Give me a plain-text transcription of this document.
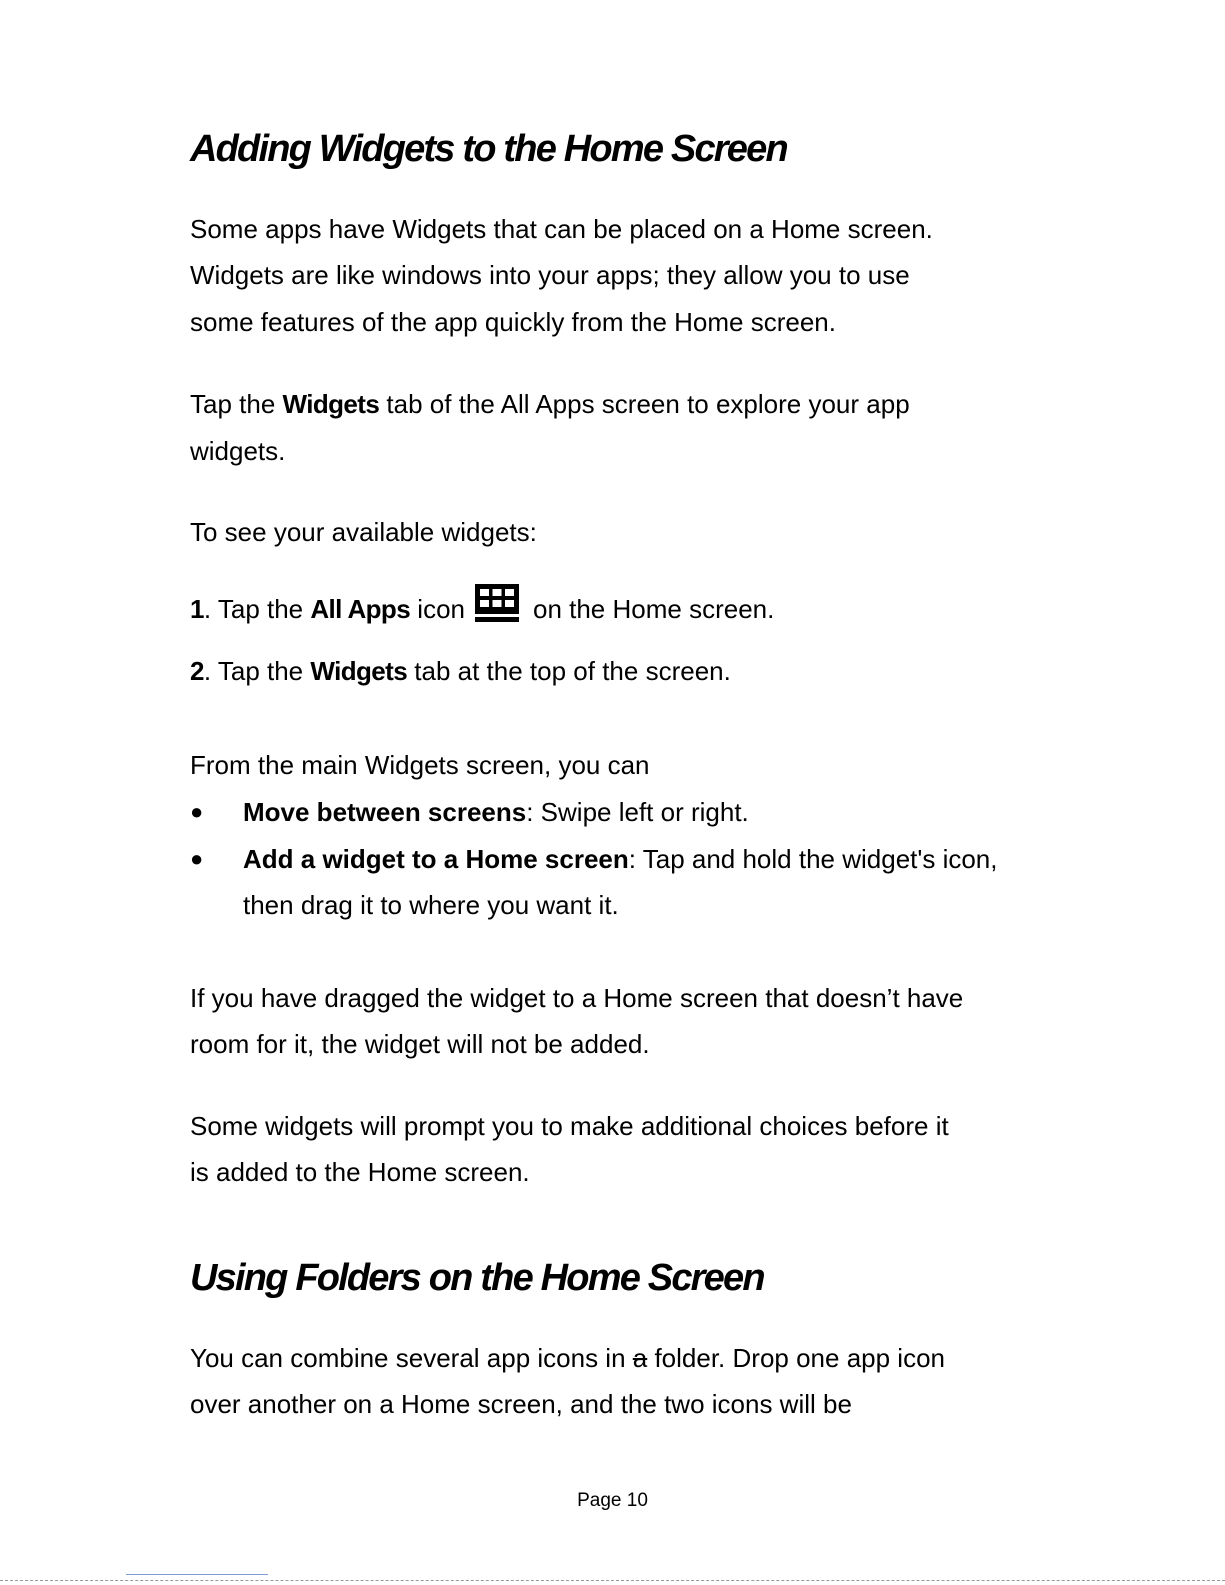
Adding Widgets to the Home Screen

Some apps have Widgets that can be placed on a Home screen.

Widgets are like windows into your apps; they allow you to use

some features of the app quickly from the Home screen.

Tap the Widgets tab of the All Apps screen to explore your app

widgets.

To see your available widgets:

1. Tap the All Apps icon	on the Home screen.

2. Tap the Widgets tab at the top of the screen.

From the main Widgets screen, you can

● Move between screens: Swipe left or right.
● Add a widget to a Home screen: Tap and hold the widget's icon,

then drag it to where you want it.

If you have dragged the widget to a Home screen that doesn’t have

room for it, the widget will not be added.

Some widgets will prompt you to make additional choices before it

is added to the Home screen.

Using Folders on the Home Screen

You can combine several app icons in a folder. Drop one app icon

over another on a Home screen, and the two icons will be

Page 10
